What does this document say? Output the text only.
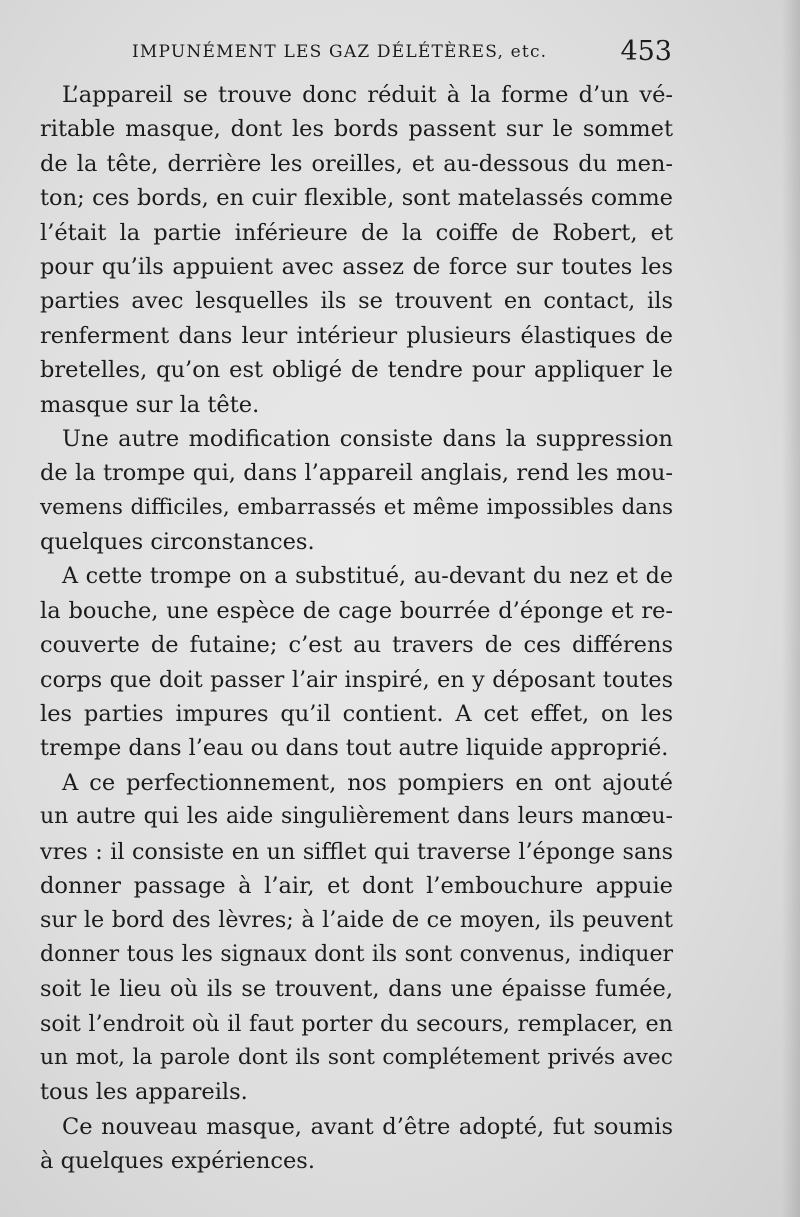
IMPUNÉMENT LES GAZ DÉLÉTÈRES, etc.	453
L’appareil se trouve donc réduit à la forme d’un vé-
ritable masque, dont les bords passent sur le sommet
de la tête, derrière les oreilles, et au-dessous du men-
ton; ces bords, en cuir flexible, sont matelassés comme
l’était la partie inférieure de la coiffe de Robert, et
pour qu’ils appuient avec assez de force sur toutes les
parties avec lesquelles ils se trouvent en contact, ils
renferment dans leur intérieur plusieurs élastiques de
bretelles, qu’on est obligé de tendre pour appliquer le
masque sur la tête.
Une autre modification consiste dans la suppression
de la trompe qui, dans l’appareil anglais, rend les mou-
vemens difficiles, embarrassés et même impossibles dans
quelques circonstances.
A cette trompe on a substitué, au-devant du nez et de
la bouche, une espèce de cage bourrée d’éponge et re-
couverte de futaine; c’est au travers de ces différens
corps que doit passer l’air inspiré, en y déposant toutes
les parties impures qu’il contient. A cet effet, on les
trempe dans l’eau ou dans tout autre liquide approprié.
A ce perfectionnement, nos pompiers en ont ajouté
un autre qui les aide singulièrement dans leurs manœu-
vres : il consiste en un sifflet qui traverse l’éponge sans
donner passage à l’air, et dont l’embouchure appuie
sur le bord des lèvres; à l’aide de ce moyen, ils peuvent
donner tous les signaux dont ils sont convenus, indiquer
soit le lieu où ils se trouvent, dans une épaisse fumée,
soit l’endroit où il faut porter du secours, remplacer, en
un mot, la parole dont ils sont complétement privés avec
tous les appareils.
Ce nouveau masque, avant d’être adopté, fut soumis
à quelques expériences.
